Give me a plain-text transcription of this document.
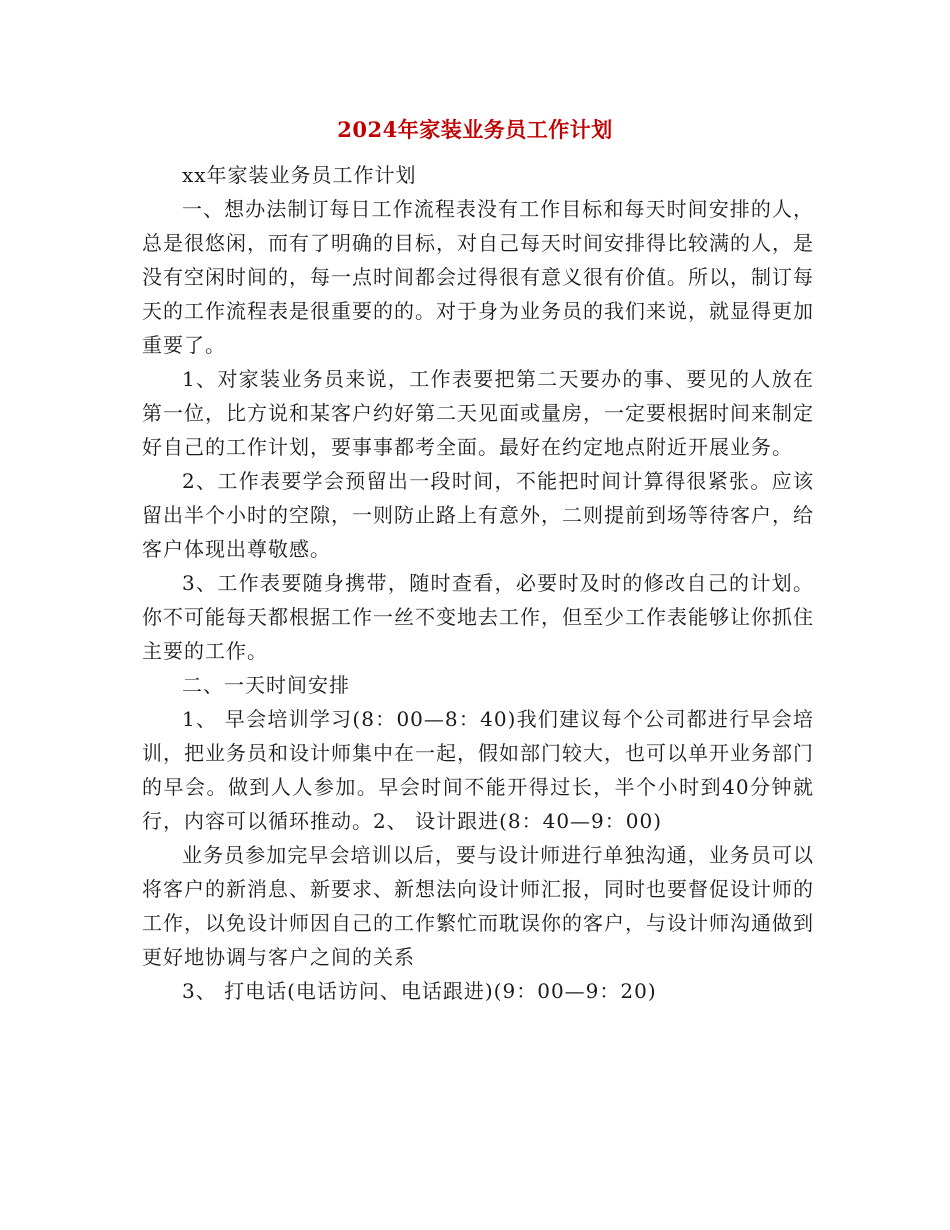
2024年家装业务员工作计划

xx年家装业务员工作计划

一、想办法制订每日工作流程表没有工作目标和每天时间安排的人，总是很悠闲，而有了明确的目标，对自己每天时间安排得比较满的人，是没有空闲时间的，每一点时间都会过得很有意义很有价值。所以，制订每天的工作流程表是很重要的的。对于身为业务员的我们来说，就显得更加重要了。

1、对家装业务员来说，工作表要把第二天要办的事、要见的人放在第一位，比方说和某客户约好第二天见面或量房，一定要根据时间来制定好自己的工作计划，要事事都考全面。最好在约定地点附近开展业务。

2、工作表要学会预留出一段时间，不能把时间计算得很紧张。应该留出半个小时的空隙，一则防止路上有意外，二则提前到场等待客户，给客户体现出尊敬感。

3、工作表要随身携带，随时查看，必要时及时的修改自己的计划。你不可能每天都根据工作一丝不变地去工作，但至少工作表能够让你抓住主要的工作。

二、一天时间安排

1、 早会培训学习(8：00—8：40)我们建议每个公司都进行早会培训，把业务员和设计师集中在一起，假如部门较大，也可以单开业务部门的早会。做到人人参加。早会时间不能开得过长，半个小时到40分钟就行，内容可以循环推动。2、 设计跟进(8：40—9：00)

业务员参加完早会培训以后，要与设计师进行单独沟通，业务员可以将客户的新消息、新要求、新想法向设计师汇报，同时也要督促设计师的工作，以免设计师因自己的工作繁忙而耽误你的客户，与设计师沟通做到更好地协调与客户之间的关系

3、 打电话(电话访问、电话跟进)(9：00—9：20)
